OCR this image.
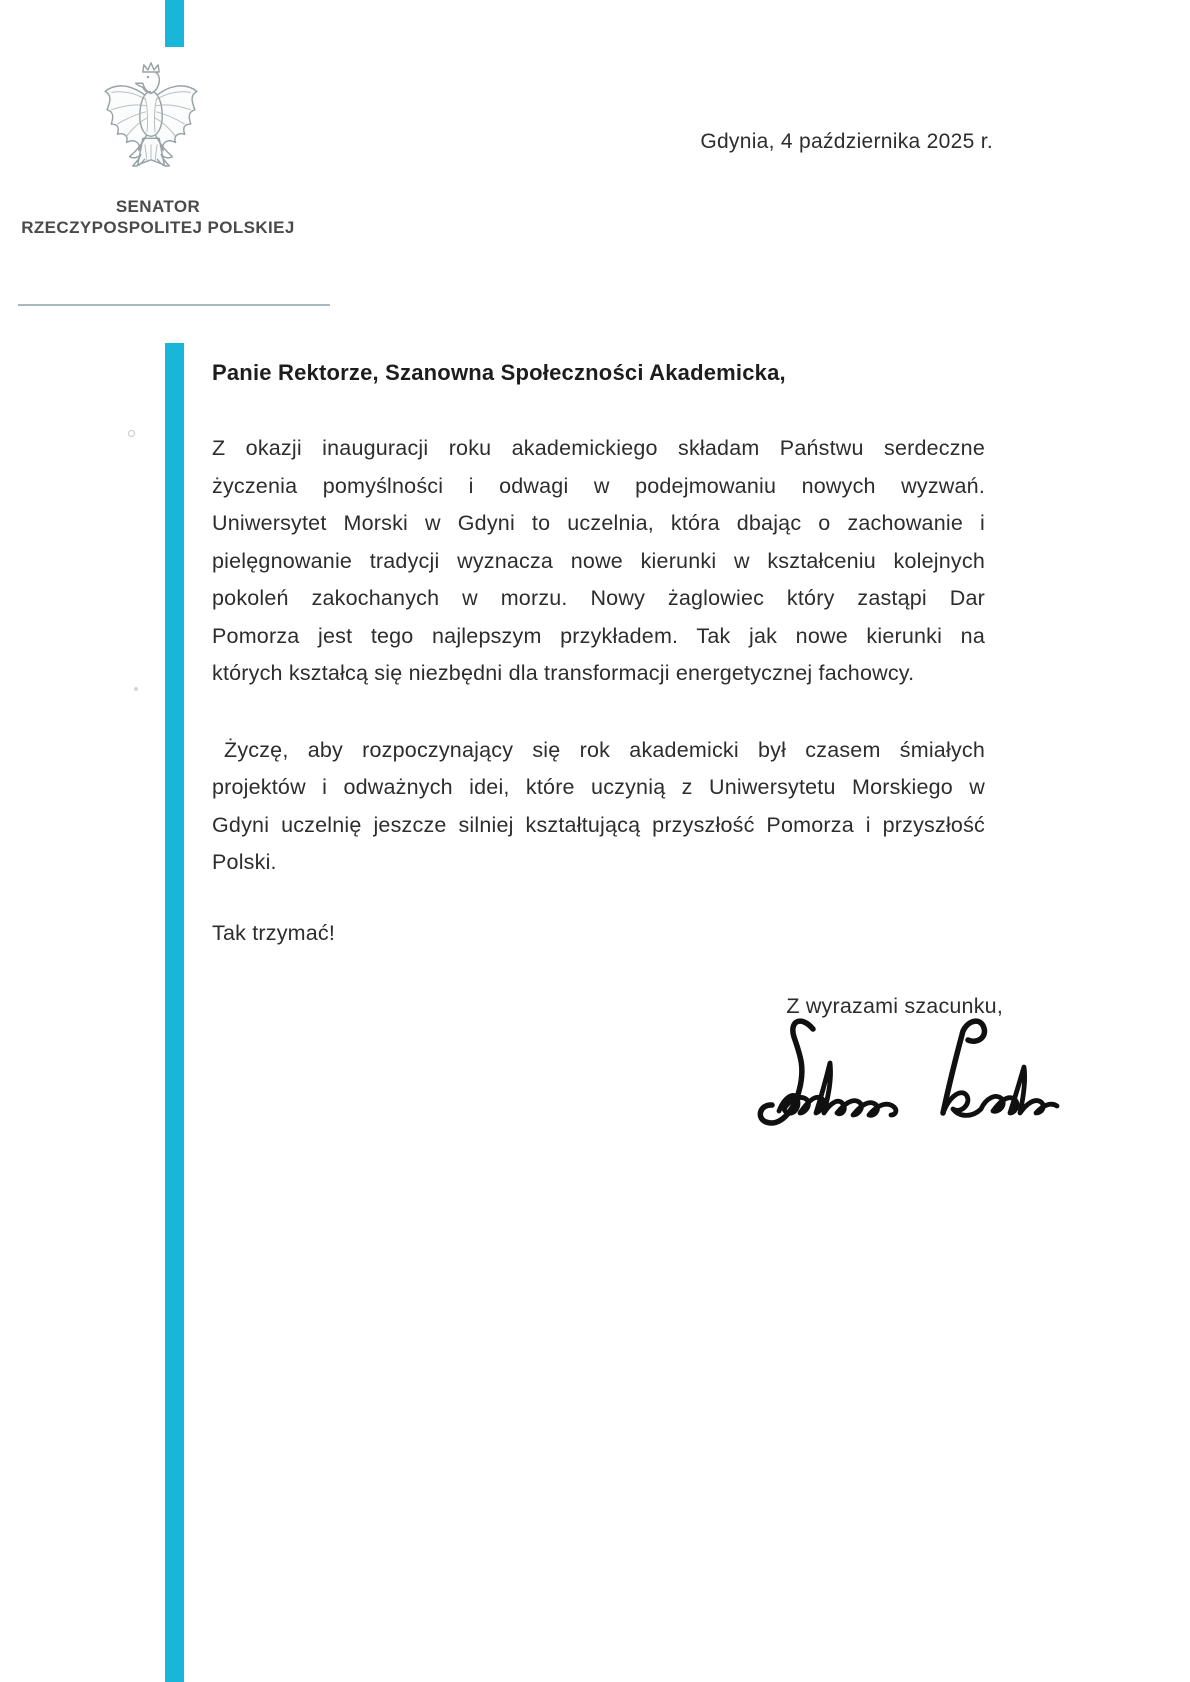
SENATOR
RZECZYPOSPOLITEJ POLSKIEJ
Gdynia, 4 października 2025 r.
Panie Rektorze, Szanowna Społeczności Akademicka,
Z okazji inauguracji roku akademickiego składam Państwu serdeczne
życzenia pomyślności i odwagi w podejmowaniu nowych wyzwań.
Uniwersytet Morski w Gdyni to uczelnia, która dbając o zachowanie i
pielęgnowanie tradycji wyznacza nowe kierunki w kształceniu kolejnych
pokoleń zakochanych w morzu. Nowy żaglowiec który zastąpi Dar
Pomorza jest tego najlepszym przykładem. Tak jak nowe kierunki na
których kształcą się niezbędni dla transformacji energetycznej fachowcy.
Życzę, aby rozpoczynający się rok akademicki był czasem śmiałych
projektów i odważnych idei, które uczynią z Uniwersytetu Morskiego w
Gdyni uczelnię jeszcze silniej kształtującą przyszłość Pomorza i przyszłość
Polski.
Tak trzymać!
Z wyrazami szacunku,
